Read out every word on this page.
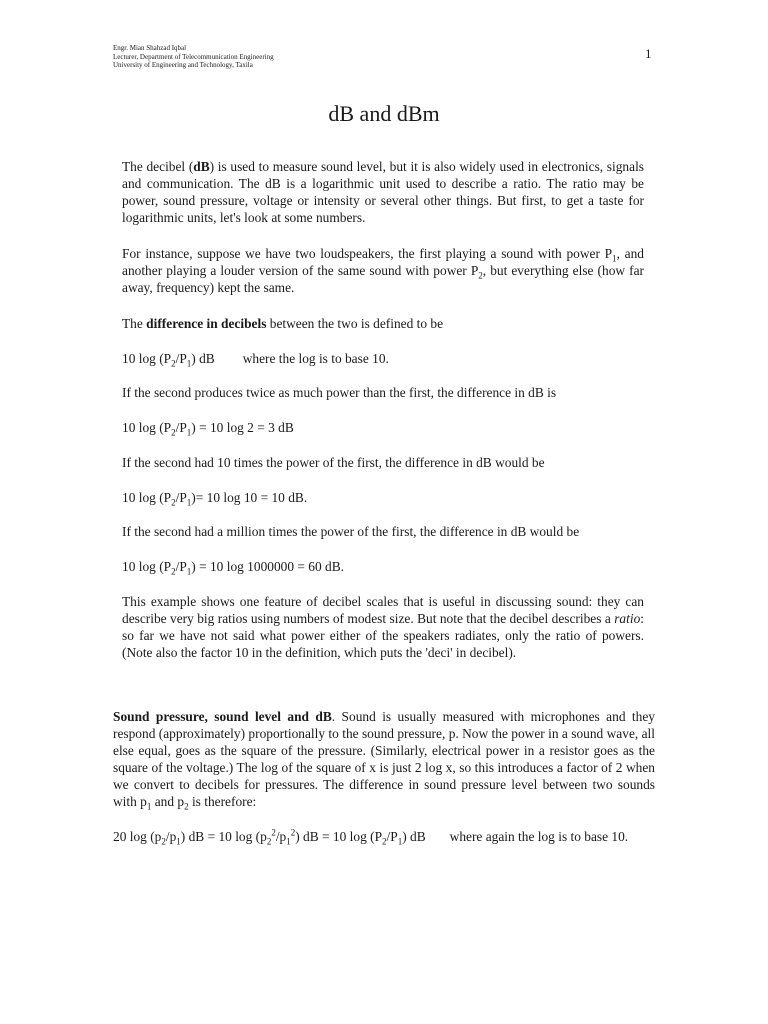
Engr. Mian Shahzad Iqbal
Lecturer, Department of Telecommunication Engineering
University of Engineering and Technology, Taxila
1
dB and dBm

The decibel (dB) is used to measure sound level, but it is also widely used in electronics, signals and communication. The dB is a logarithmic unit used to describe a ratio. The ratio may be power, sound pressure, voltage or intensity or several other things. But first, to get a taste for logarithmic units, let's look at some numbers.

For instance, suppose we have two loudspeakers, the first playing a sound with power $P_1$, and another playing a louder version of the same sound with power $P_2$, but everything else (how far away, frequency) kept the same.

The difference in decibels between the two is defined to be

10 $\log (P_2/P_1)$ dB where the log is to base 10.

If the second produces twice as much power than the first, the difference in dB is

10 $\log (P_2/P_1) = 10$ log 2 = 3 dB

If the second had 10 times the power of the first, the difference in dB would be

10 $\log (P_2/P_1)= 10$ log 10 = 10 dB.

If the second had a million times the power of the first, the difference in dB would be

10 $\log (P_2/P_1) = 10$ log 1000000 = 60 dB.

This example shows one feature of decibel scales that is useful in discussing sound: they can describe very big ratios using numbers of modest size. But note that the decibel describes a ratio: so far we have not said what power either of the speakers radiates, only the ratio of powers. (Note also the factor 10 in the definition, which puts the 'deci' in decibel).

Sound pressure, sound level and dB. Sound is usually measured with microphones and they respond (approximately) proportionally to the sound pressure, p. Now the power in a sound wave, all else equal, goes as the square of the pressure. (Similarly, electrical power in a resistor goes as the square of the voltage.) The log of the square of x is just 2 log x, so this introduces a factor of 2 when we convert to decibels for pressures. The difference in sound pressure level between two sounds with $p_1$ and $p_2$ is therefore:

20 $\log (p_2/p_1)$ dB = 10 $\log (p_2^2/p_1^2)$ dB = 10 $\log (P_2/P_1)$ dB where again the log is to base 10.
